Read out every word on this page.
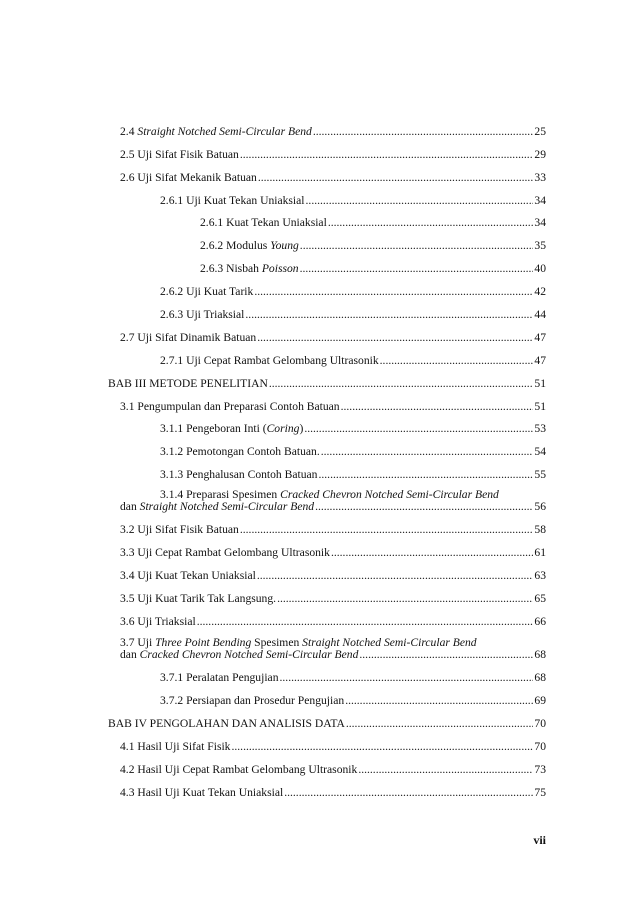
2.4 Straight Notched Semi-Circular Bend .....	25
2.5 Uji Sifat Fisik Batuan .....	29
2.6 Uji Sifat Mekanik Batuan .....	33
2.6.1 Uji Kuat Tekan Uniaksial .....	34
2.6.1 Kuat Tekan Uniaksial .....	34
2.6.2 Modulus Young .....	35
2.6.3 Nisbah Poisson .....	40
2.6.2 Uji Kuat Tarik .....	42
2.6.3 Uji Triaksial .....	44
2.7 Uji Sifat Dinamik Batuan .....	47
2.7.1 Uji Cepat Rambat Gelombang Ultrasonik .....	47
BAB III METODE PENELITIAN .....	51
3.1 Pengumpulan dan Preparasi Contoh Batuan .....	51
3.1.1 Pengeboran Inti (Coring) .....	53
3.1.2 Pemotongan Contoh Batuan. .....	54
3.1.3 Penghalusan Contoh Batuan .....	55
3.1.4 Preparasi Spesimen Cracked Chevron Notched Semi-Circular Bend
dan Straight Notched Semi-Circular Bend .....	56
3.2 Uji Sifat Fisik Batuan .....	58
3.3 Uji Cepat Rambat Gelombang Ultrasonik .....	61
3.4 Uji Kuat Tekan Uniaksial .....	63
3.5 Uji Kuat Tarik Tak Langsung. .....	65
3.6 Uji Triaksial .....	66
3.7 Uji Three Point Bending Spesimen Straight Notched Semi-Circular Bend
dan Cracked Chevron Notched Semi-Circular Bend .....	68
3.7.1 Peralatan Pengujian .....	68
3.7.2 Persiapan dan Prosedur Pengujian .....	69
BAB IV PENGOLAHAN DAN ANALISIS DATA .....	70
4.1 Hasil Uji Sifat Fisik .....	70
4.2 Hasil Uji Cepat Rambat Gelombang Ultrasonik .....	73
4.3 Hasil Uji Kuat Tekan Uniaksial .....	75
vii
